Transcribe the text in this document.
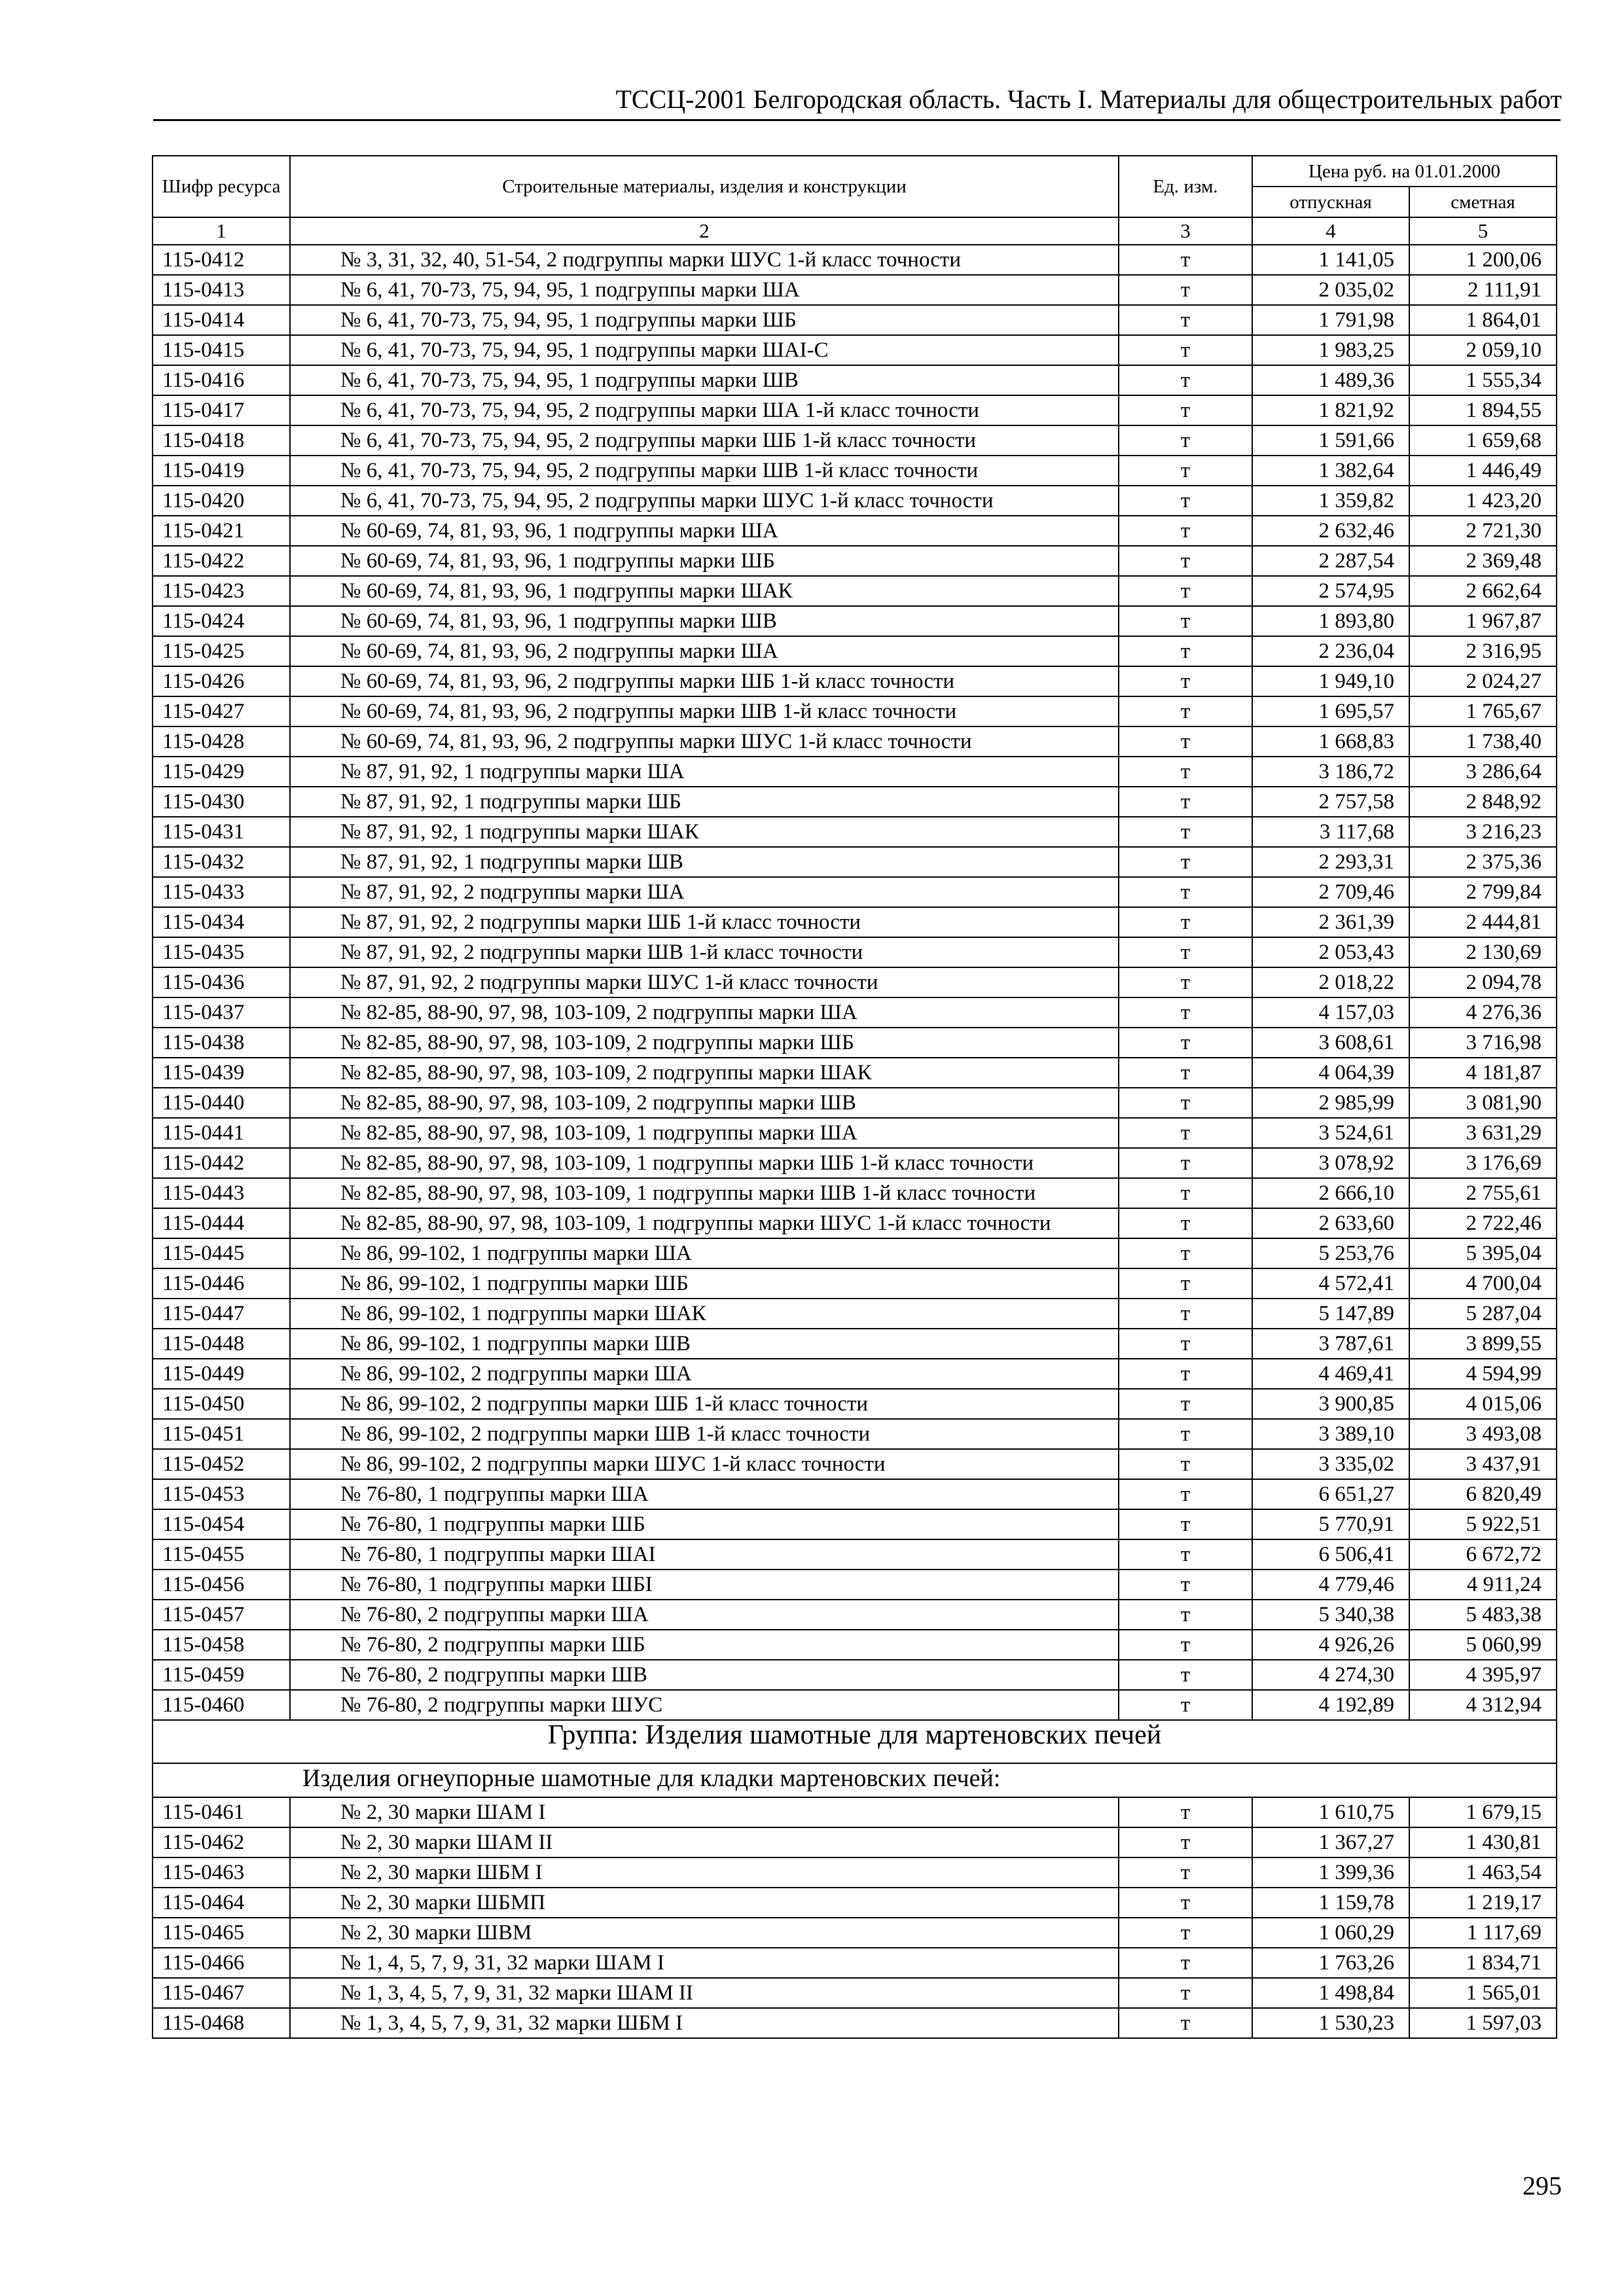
ТССЦ-2001 Белгородская область. Часть I. Материалы для общестроительных работ
Шифр ресурса	Строительные материалы, изделия и конструкции	Ед. изм.	Цена руб. на 01.01.2000	
			отпускная	сметная
1	2	3	4	5
115-0412	№ 3, 31, 32, 40, 51-54, 2 подгруппы марки ШУС 1-й класс точности	т	1 141,05	1 200,06
115-0413	№ 6, 41, 70-73, 75, 94, 95, 1 подгруппы марки ША	т	2 035,02	2 111,91
115-0414	№ 6, 41, 70-73, 75, 94, 95, 1 подгруппы марки ШБ	т	1 791,98	1 864,01
115-0415	№ 6, 41, 70-73, 75, 94, 95, 1 подгруппы марки ШАI-С	т	1 983,25	2 059,10
115-0416	№ 6, 41, 70-73, 75, 94, 95, 1 подгруппы марки ШВ	т	1 489,36	1 555,34
115-0417	№ 6, 41, 70-73, 75, 94, 95, 2 подгруппы марки ША 1-й класс точности	т	1 821,92	1 894,55
115-0418	№ 6, 41, 70-73, 75, 94, 95, 2 подгруппы марки ШБ 1-й класс точности	т	1 591,66	1 659,68
115-0419	№ 6, 41, 70-73, 75, 94, 95, 2 подгруппы марки ШВ 1-й класс точности	т	1 382,64	1 446,49
115-0420	№ 6, 41, 70-73, 75, 94, 95, 2 подгруппы марки ШУС 1-й класс точности	т	1 359,82	1 423,20
115-0421	№ 60-69, 74, 81, 93, 96, 1 подгруппы марки ША	т	2 632,46	2 721,30
115-0422	№ 60-69, 74, 81, 93, 96, 1 подгруппы марки ШБ	т	2 287,54	2 369,48
115-0423	№ 60-69, 74, 81, 93, 96, 1 подгруппы марки ШАК	т	2 574,95	2 662,64
115-0424	№ 60-69, 74, 81, 93, 96, 1 подгруппы марки ШВ	т	1 893,80	1 967,87
115-0425	№ 60-69, 74, 81, 93, 96, 2 подгруппы марки ША	т	2 236,04	2 316,95
115-0426	№ 60-69, 74, 81, 93, 96, 2 подгруппы марки ШБ 1-й класс точности	т	1 949,10	2 024,27
115-0427	№ 60-69, 74, 81, 93, 96, 2 подгруппы марки ШВ 1-й класс точности	т	1 695,57	1 765,67
115-0428	№ 60-69, 74, 81, 93, 96, 2 подгруппы марки ШУС 1-й класс точности	т	1 668,83	1 738,40
115-0429	№ 87, 91, 92, 1 подгруппы марки ША	т	3 186,72	3 286,64
115-0430	№ 87, 91, 92, 1 подгруппы марки ШБ	т	2 757,58	2 848,92
115-0431	№ 87, 91, 92, 1 подгруппы марки ШАК	т	3 117,68	3 216,23
115-0432	№ 87, 91, 92, 1 подгруппы марки ШВ	т	2 293,31	2 375,36
115-0433	№ 87, 91, 92, 2 подгруппы марки ША	т	2 709,46	2 799,84
115-0434	№ 87, 91, 92, 2 подгруппы марки ШБ 1-й класс точности	т	2 361,39	2 444,81
115-0435	№ 87, 91, 92, 2 подгруппы марки ШВ 1-й класс точности	т	2 053,43	2 130,69
115-0436	№ 87, 91, 92, 2 подгруппы марки ШУС 1-й класс точности	т	2 018,22	2 094,78
115-0437	№ 82-85, 88-90, 97, 98, 103-109, 2 подгруппы марки ША	т	4 157,03	4 276,36
115-0438	№ 82-85, 88-90, 97, 98, 103-109, 2 подгруппы марки ШБ	т	3 608,61	3 716,98
115-0439	№ 82-85, 88-90, 97, 98, 103-109, 2 подгруппы марки ШАК	т	4 064,39	4 181,87
115-0440	№ 82-85, 88-90, 97, 98, 103-109, 2 подгруппы марки ШВ	т	2 985,99	3 081,90
115-0441	№ 82-85, 88-90, 97, 98, 103-109, 1 подгруппы марки ША	т	3 524,61	3 631,29
115-0442	№ 82-85, 88-90, 97, 98, 103-109, 1 подгруппы марки ШБ 1-й класс точности	т	3 078,92	3 176,69
115-0443	№ 82-85, 88-90, 97, 98, 103-109, 1 подгруппы марки ШВ 1-й класс точности	т	2 666,10	2 755,61
115-0444	№ 82-85, 88-90, 97, 98, 103-109, 1 подгруппы марки ШУС 1-й класс точности	т	2 633,60	2 722,46
115-0445	№ 86, 99-102, 1 подгруппы марки ША	т	5 253,76	5 395,04
115-0446	№ 86, 99-102, 1 подгруппы марки ШБ	т	4 572,41	4 700,04
115-0447	№ 86, 99-102, 1 подгруппы марки ШАК	т	5 147,89	5 287,04
115-0448	№ 86, 99-102, 1 подгруппы марки ШВ	т	3 787,61	3 899,55
115-0449	№ 86, 99-102, 2 подгруппы марки ША	т	4 469,41	4 594,99
115-0450	№ 86, 99-102, 2 подгруппы марки ШБ 1-й класс точности	т	3 900,85	4 015,06
115-0451	№ 86, 99-102, 2 подгруппы марки ШВ 1-й класс точности	т	3 389,10	3 493,08
115-0452	№ 86, 99-102, 2 подгруппы марки ШУС 1-й класс точности	т	3 335,02	3 437,91
115-0453	№ 76-80, 1 подгруппы марки ША	т	6 651,27	6 820,49
115-0454	№ 76-80, 1 подгруппы марки ШБ	т	5 770,91	5 922,51
115-0455	№ 76-80, 1 подгруппы марки ШАI	т	6 506,41	6 672,72
115-0456	№ 76-80, 1 подгруппы марки ШБI	т	4 779,46	4 911,24
115-0457	№ 76-80, 2 подгруппы марки ША	т	5 340,38	5 483,38
115-0458	№ 76-80, 2 подгруппы марки ШБ	т	4 926,26	5 060,99
115-0459	№ 76-80, 2 подгруппы марки ШВ	т	4 274,30	4 395,97
115-0460	№ 76-80, 2 подгруппы марки ШУС	т	4 192,89	4 312,94
Группа: Изделия шамотные для мартеновских печей				
Изделия огнеупорные шамотные для кладки мартеновских печей:				
115-0461	№ 2, 30 марки ШАМ I	т	1 610,75	1 679,15
115-0462	№ 2, 30 марки ШАМ II	т	1 367,27	1 430,81
115-0463	№ 2, 30 марки ШБМ I	т	1 399,36	1 463,54
115-0464	№ 2, 30 марки ШБМП	т	1 159,78	1 219,17
115-0465	№ 2, 30 марки ШВМ	т	1 060,29	1 117,69
115-0466	№ 1, 4, 5, 7, 9, 31, 32 марки ШАМ I	т	1 763,26	1 834,71
115-0467	№ 1, 3, 4, 5, 7, 9, 31, 32 марки ШАМ II	т	1 498,84	1 565,01
115-0468	№ 1, 3, 4, 5, 7, 9, 31, 32 марки ШБМ I	т	1 530,23	1 597,03
295
